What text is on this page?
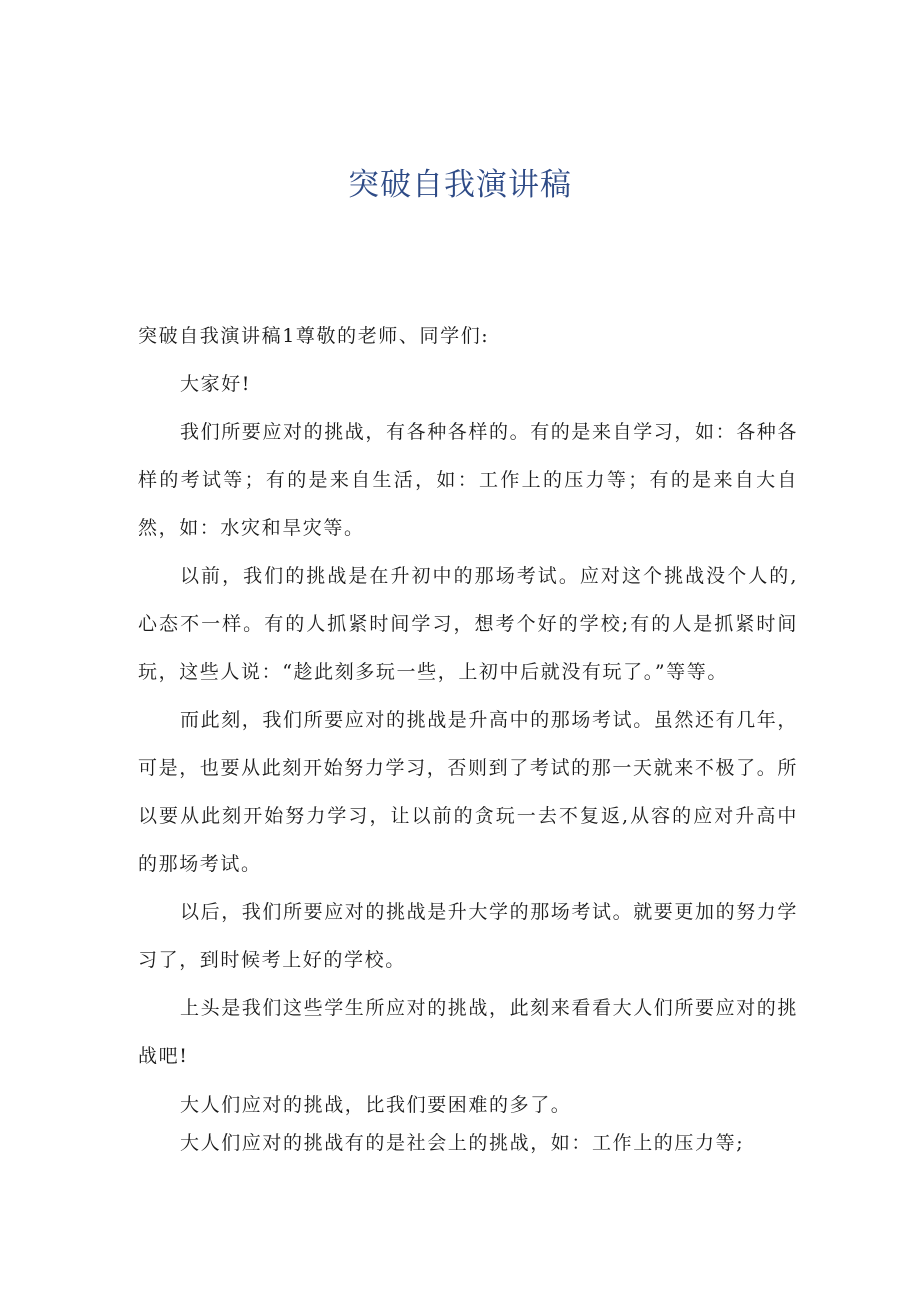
突破自我演讲稿

突破自我演讲稿1尊敬的老师、同学们:

大家好!

我们所要应对的挑战，有各种各样的。有的是来自学习，如：各种各样的考试等；有的是来自生活，如：工作上的压力等；有的是来自大自然，如：水灾和旱灾等。

以前，我们的挑战是在升初中的那场考试。应对这个挑战没个人的,心态不一样。有的人抓紧时间学习，想考个好的学校;有的人是抓紧时间玩，这些人说：“趁此刻多玩一些，上初中后就没有玩了。”等等。

而此刻，我们所要应对的挑战是升高中的那场考试。虽然还有几年，可是，也要从此刻开始努力学习，否则到了考试的那一天就来不极了。所以要从此刻开始努力学习，让以前的贪玩一去不复返,从容的应对升高中的那场考试。

以后，我们所要应对的挑战是升大学的那场考试。就要更加的努力学习了，到时候考上好的学校。

上头是我们这些学生所应对的挑战，此刻来看看大人们所要应对的挑战吧!

大人们应对的挑战，比我们要困难的多了。

大人们应对的挑战有的是社会上的挑战，如：工作上的压力等;
